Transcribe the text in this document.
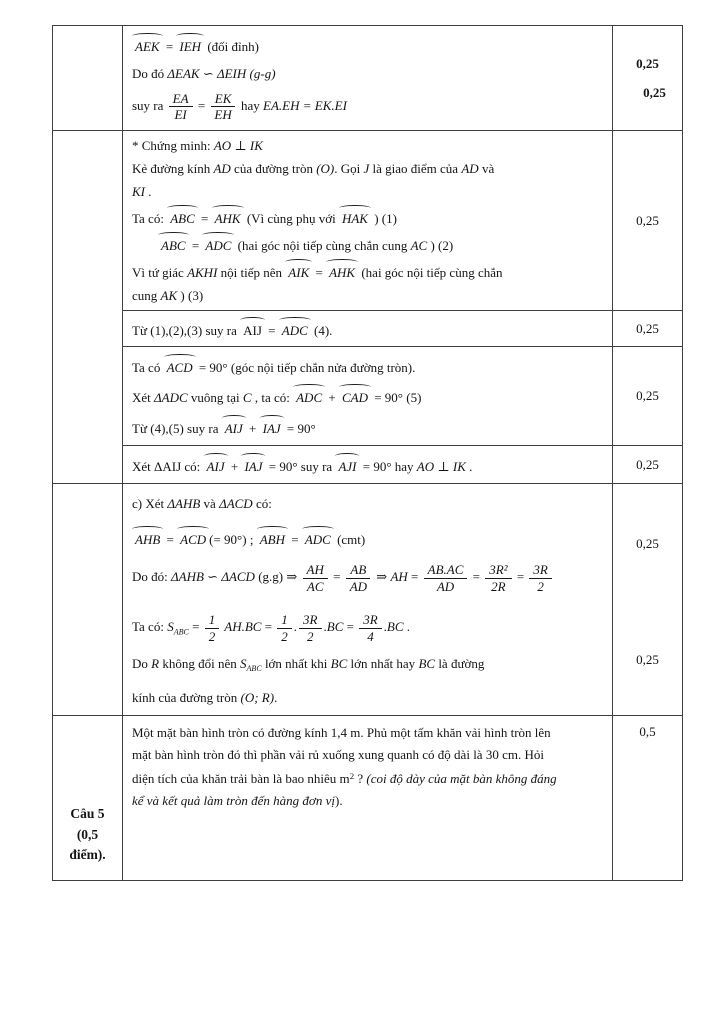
AEK = IEH (đối đỉnh)
Do đó ΔEAK ∽ ΔEIH (g-g)
suy ra $\frac{EA}{EI} = \frac{EK}{EH}$ hay EA.EH = EK.EI
0,25
0,25
* Chứng minh: AO ⊥ IK
Kẻ đường kính AD của đường tròn (O). Gọi J là giao điểm của AD và
KI .
Ta có: ABC = AHK (Vì cùng phụ với HAK ) (1)
ABC = ADC (hai góc nội tiếp cùng chắn cung AC ) (2)
Vì tứ giác AKHI nội tiếp nên AIK = AHK (hai góc nội tiếp cùng chắn
cung AK ) (3)
0,25
Từ (1),(2),(3) suy ra AIJ = ADC (4).	0,25
Ta có ACD = 90° (góc nội tiếp chắn nửa đường tròn).
Xét ΔADC vuông tại C , ta có: ADC + CAD = 90° (5)
Từ (4),(5) suy ra AIJ + IAJ = 90°
0,25
Xét ΔAIJ có: AIJ + IAJ = 90° suy ra AJI = 90° hay AO ⊥ IK .	0,25
c) Xét ΔAHB và ΔACD có:
AHB = ACD (= 90°) ; ABH = ADC (cmt)
Do đó: ΔAHB ∽ ΔACD (g.g) ⇒ $\frac{AH}{AC} = \frac{AB}{AD}$ ⇒ AH = $\frac{AB.AC}{AD} = \frac{\text{3R²}}{2R} = \frac{3R}{2}$
0,25
Ta có: $S_{ABC} = \frac{1}{2} AH.BC = \frac{1}{2}$ . $\frac{3R}{2} .BC = \frac{3R}{4} .BC$ .
Do R không đổi nên $S_{ABC}$ lớn nhất khi BC lớn nhất hay BC là đường
kính của đường tròn (O; R).
0,25
Câu 5
(0,5
điểm).
Một mặt bàn hình tròn có đường kính 1,4 m. Phủ một tấm khăn vải hình tròn lên
mặt bàn hình tròn đó thì phần vải rủ xuống xung quanh có độ dài là 30 cm. Hỏi
diện tích của khăn trải bàn là bao nhiêu $m^2$ ? (coi độ dày của mặt bàn không đáng
kể và kết quả làm tròn đến hàng đơn vị).
0,5
